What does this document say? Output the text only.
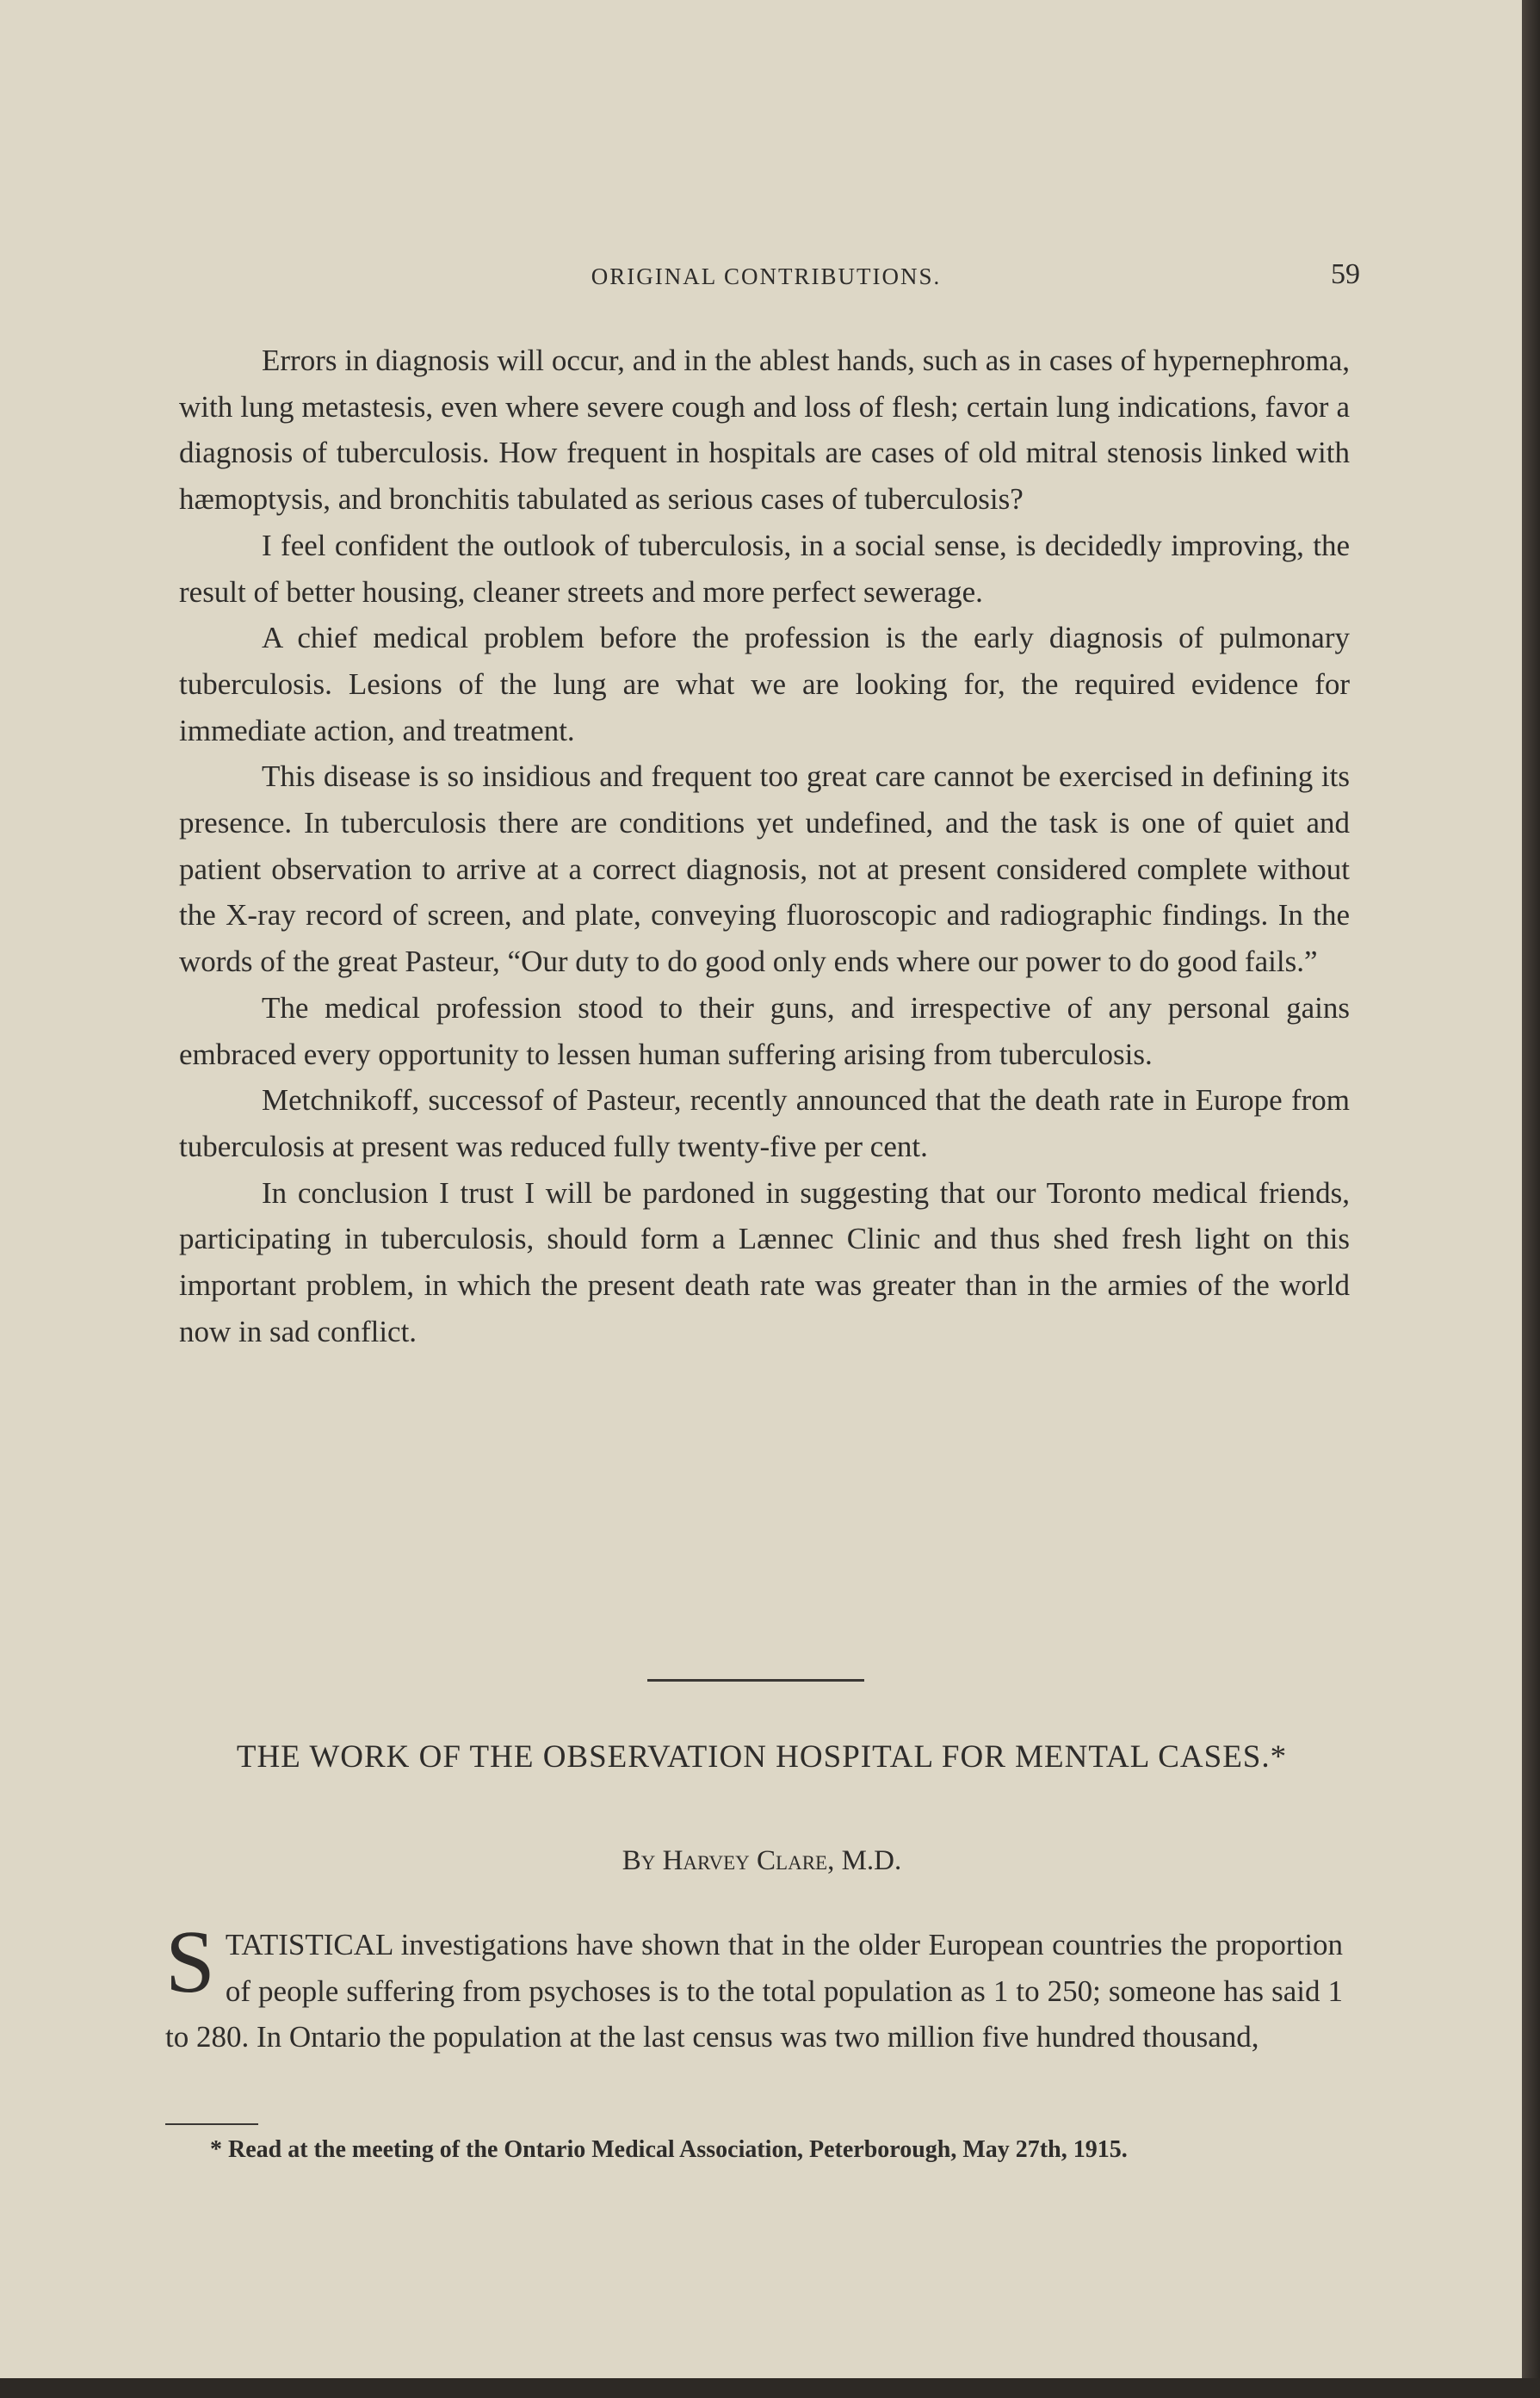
ORIGINAL CONTRIBUTIONS.	59

Errors in diagnosis will occur, and in the ablest hands, such as in cases of hypernephroma, with lung metastesis, even where severe cough and loss of flesh; certain lung indications, favor a diagnosis of tuberculosis. How frequent in hospitals are cases of old mitral stenosis linked with hæmoptysis, and bronchitis tabulated as serious cases of tuberculosis?

I feel confident the outlook of tuberculosis, in a social sense, is decidedly improving, the result of better housing, cleaner streets and more perfect sewerage.

A chief medical problem before the profession is the early diagnosis of pulmonary tuberculosis. Lesions of the lung are what we are looking for, the required evidence for immediate action, and treatment.

This disease is so insidious and frequent too great care cannot be exercised in defining its presence. In tuberculosis there are conditions yet undefined, and the task is one of quiet and patient observation to arrive at a correct diagnosis, not at present considered complete without the X-ray record of screen, and plate, conveying fluoroscopic and radiographic findings. In the words of the great Pasteur, “Our duty to do good only ends where our power to do good fails.”

The medical profession stood to their guns, and irrespective of any personal gains embraced every opportunity to lessen human suffering arising from tuberculosis.

Metchnikoff, successof of Pasteur, recently announced that the death rate in Europe from tuberculosis at present was reduced fully twenty-five per cent.

In conclusion I trust I will be pardoned in suggesting that our Toronto medical friends, participating in tuberculosis, should form a Lænnec Clinic and thus shed fresh light on this important problem, in which the present death rate was greater than in the armies of the world now in sad conflict.

THE WORK OF THE OBSERVATION HOSPITAL FOR MENTAL CASES.*
By Harvey Clare, M.D.

STATISTICAL investigations have shown that in the older European countries the proportion of people suffering from psychoses is to the total population as 1 to 250; someone has said 1 to 280. In Ontario the population at the last census was two million five hundred thousand,

* Read at the meeting of the Ontario Medical Association, Peterborough, May 27th, 1915.
